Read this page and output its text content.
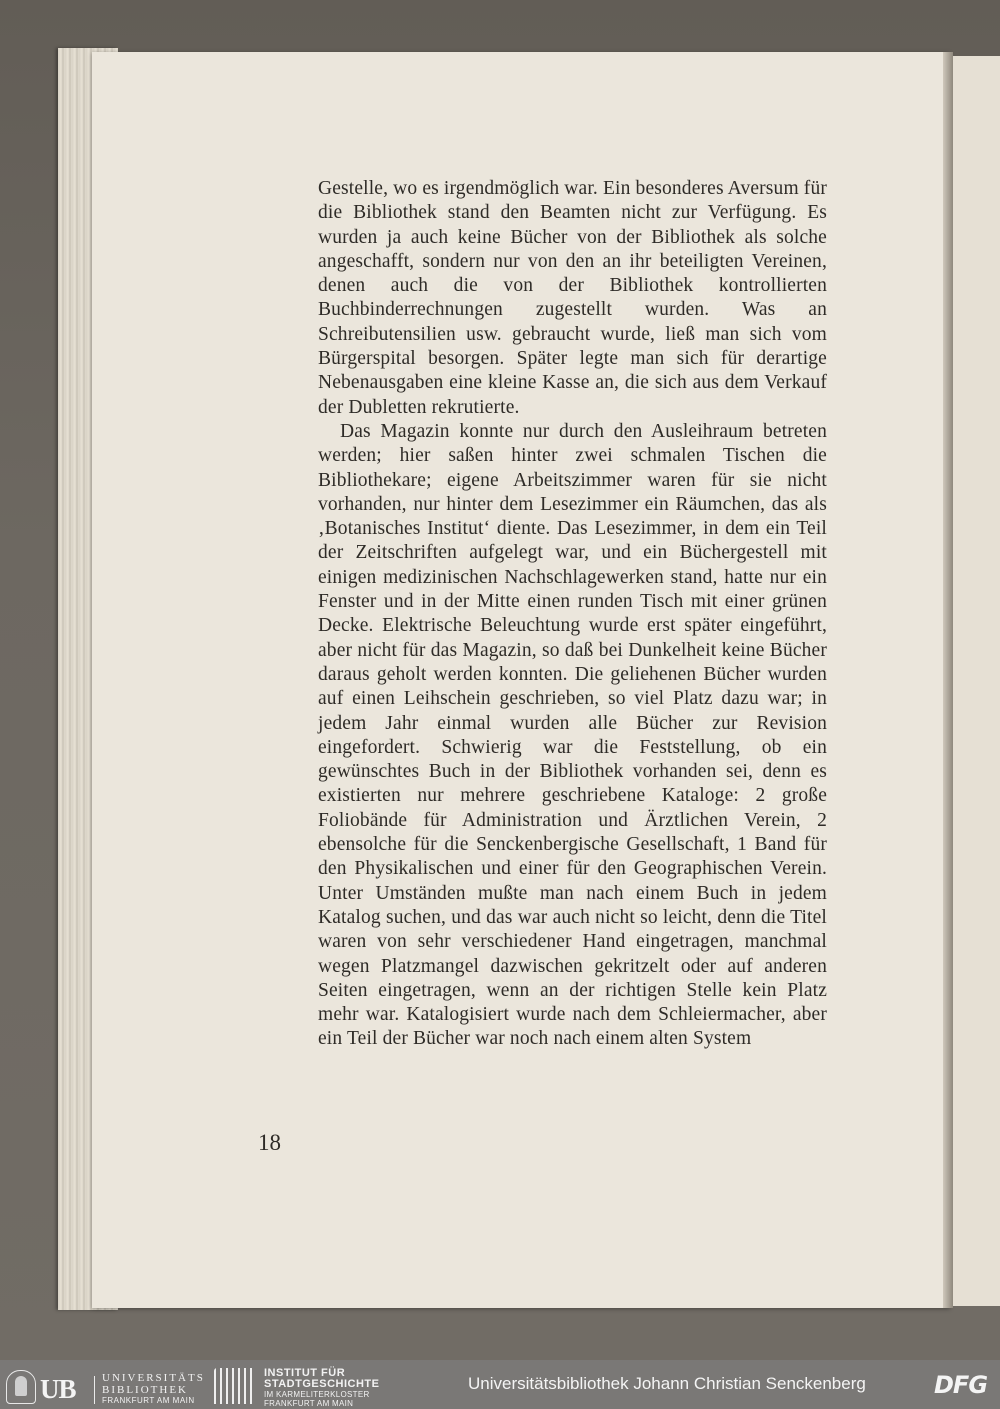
Gestelle, wo es irgendmöglich war. Ein besonderes Aversum für die Bibliothek stand den Beamten nicht zur Verfügung. Es wurden ja auch keine Bücher von der Bibliothek als solche angeschafft, sondern nur von den an ihr beteiligten Vereinen, denen auch die von der Bibliothek kontrollierten Buchbinderrechnungen zugestellt wurden. Was an Schreibutensilien usw. gebraucht wurde, ließ man sich vom Bürgerspital besorgen. Später legte man sich für derartige Nebenausgaben eine kleine Kasse an, die sich aus dem Verkauf der Dubletten rekrutierte.

Das Magazin konnte nur durch den Ausleihraum betreten werden; hier saßen hinter zwei schmalen Tischen die Bibliothekare; eigene Arbeitszimmer waren für sie nicht vorhanden, nur hinter dem Lesezimmer ein Räumchen, das als ‚Botanisches Institut‘ diente. Das Lesezimmer, in dem ein Teil der Zeitschriften aufgelegt war, und ein Büchergestell mit einigen medizinischen Nachschlagewerken stand, hatte nur ein Fenster und in der Mitte einen runden Tisch mit einer grünen Decke. Elektrische Beleuchtung wurde erst später eingeführt, aber nicht für das Magazin, so daß bei Dunkelheit keine Bücher daraus geholt werden konnten. Die geliehenen Bücher wurden auf einen Leihschein geschrieben, so viel Platz dazu war; in jedem Jahr einmal wurden alle Bücher zur Revision eingefordert. Schwierig war die Feststellung, ob ein gewünschtes Buch in der Bibliothek vorhanden sei, denn es existierten nur mehrere geschriebene Kataloge: 2 große Foliobände für Administration und Ärztlichen Verein, 2 ebensolche für die Senckenbergische Gesellschaft, 1 Band für den Physikalischen und einer für den Geographischen Verein. Unter Umständen mußte man nach einem Buch in jedem Katalog suchen, und das war auch nicht so leicht, denn die Titel waren von sehr verschiedener Hand eingetragen, manchmal wegen Platzmangel dazwischen gekritzelt oder auf anderen Seiten eingetragen, wenn an der richtigen Stelle kein Platz mehr war. Katalogisiert wurde nach dem Schleiermacher, aber ein Teil der Bücher war noch nach einem alten System

18
UB UNIVERSITÄTS
BIBLIOTHEK
FRANKFURT AM MAIN
INSTITUT FÜR
STADTGESCHICHTE
IM KARMELITERKLOSTER
FRANKFURT AM MAIN
Universitätsbibliothek Johann Christian Senckenberg	DFG
